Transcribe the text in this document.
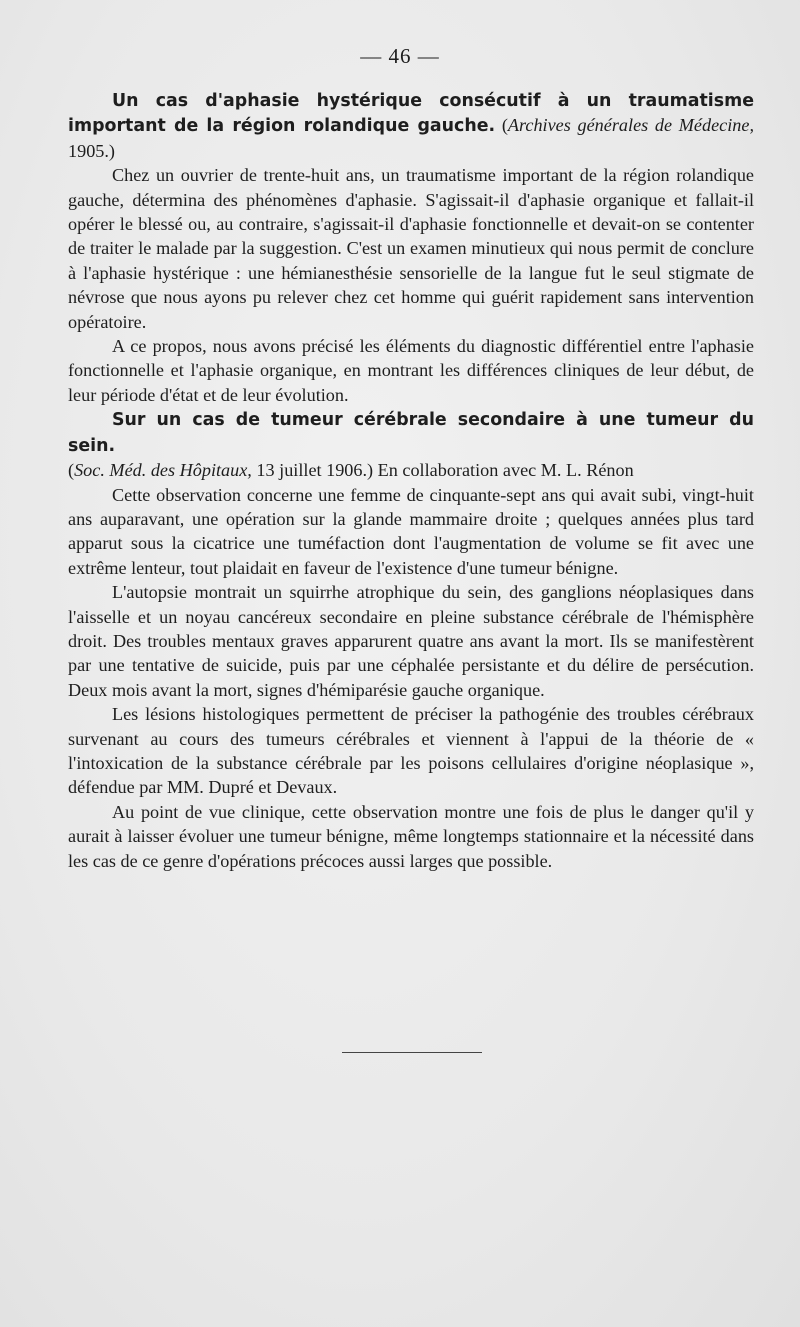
— 46 —

Un cas d'aphasie hystérique consécutif à un traumatisme important de la région rolandique gauche. (Archives générales de Médecine, 1905.)

Chez un ouvrier de trente-huit ans, un traumatisme important de la région rolandique gauche, détermina des phénomènes d'aphasie. S'agissait-il d'aphasie organique et fallait-il opérer le blessé ou, au contraire, s'agissait-il d'aphasie fonctionnelle et devait-on se contenter de traiter le malade par la suggestion. C'est un examen minutieux qui nous permit de conclure à l'aphasie hystérique : une hémianesthésie sensorielle de la langue fut le seul stigmate de névrose que nous ayons pu relever chez cet homme qui guérit rapidement sans intervention opératoire.

A ce propos, nous avons précisé les éléments du diagnostic différentiel entre l'aphasie fonctionnelle et l'aphasie organique, en montrant les différences cliniques de leur début, de leur période d'état et de leur évolution.

Sur un cas de tumeur cérébrale secondaire à une tumeur du sein.

(Soc. Méd. des Hôpitaux, 13 juillet 1906.) En collaboration avec M. L. Rénon

Cette observation concerne une femme de cinquante-sept ans qui avait subi, vingt-huit ans auparavant, une opération sur la glande mammaire droite ; quelques années plus tard apparut sous la cicatrice une tuméfaction dont l'augmentation de volume se fit avec une extrême lenteur, tout plaidait en faveur de l'existence d'une tumeur bénigne.

L'autopsie montrait un squirrhe atrophique du sein, des ganglions néoplasiques dans l'aisselle et un noyau cancéreux secondaire en pleine substance cérébrale de l'hémisphère droit. Des troubles mentaux graves apparurent quatre ans avant la mort. Ils se manifestèrent par une tentative de suicide, puis par une céphalée persistante et du délire de persécution. Deux mois avant la mort, signes d'hémiparésie gauche organique.

Les lésions histologiques permettent de préciser la pathogénie des troubles cérébraux survenant au cours des tumeurs cérébrales et viennent à l'appui de la théorie de « l'intoxication de la substance cérébrale par les poisons cellulaires d'origine néoplasique », défendue par MM. Dupré et Devaux.

Au point de vue clinique, cette observation montre une fois de plus le danger qu'il y aurait à laisser évoluer une tumeur bénigne, même longtemps stationnaire et la nécessité dans les cas de ce genre d'opérations précoces aussi larges que possible.
